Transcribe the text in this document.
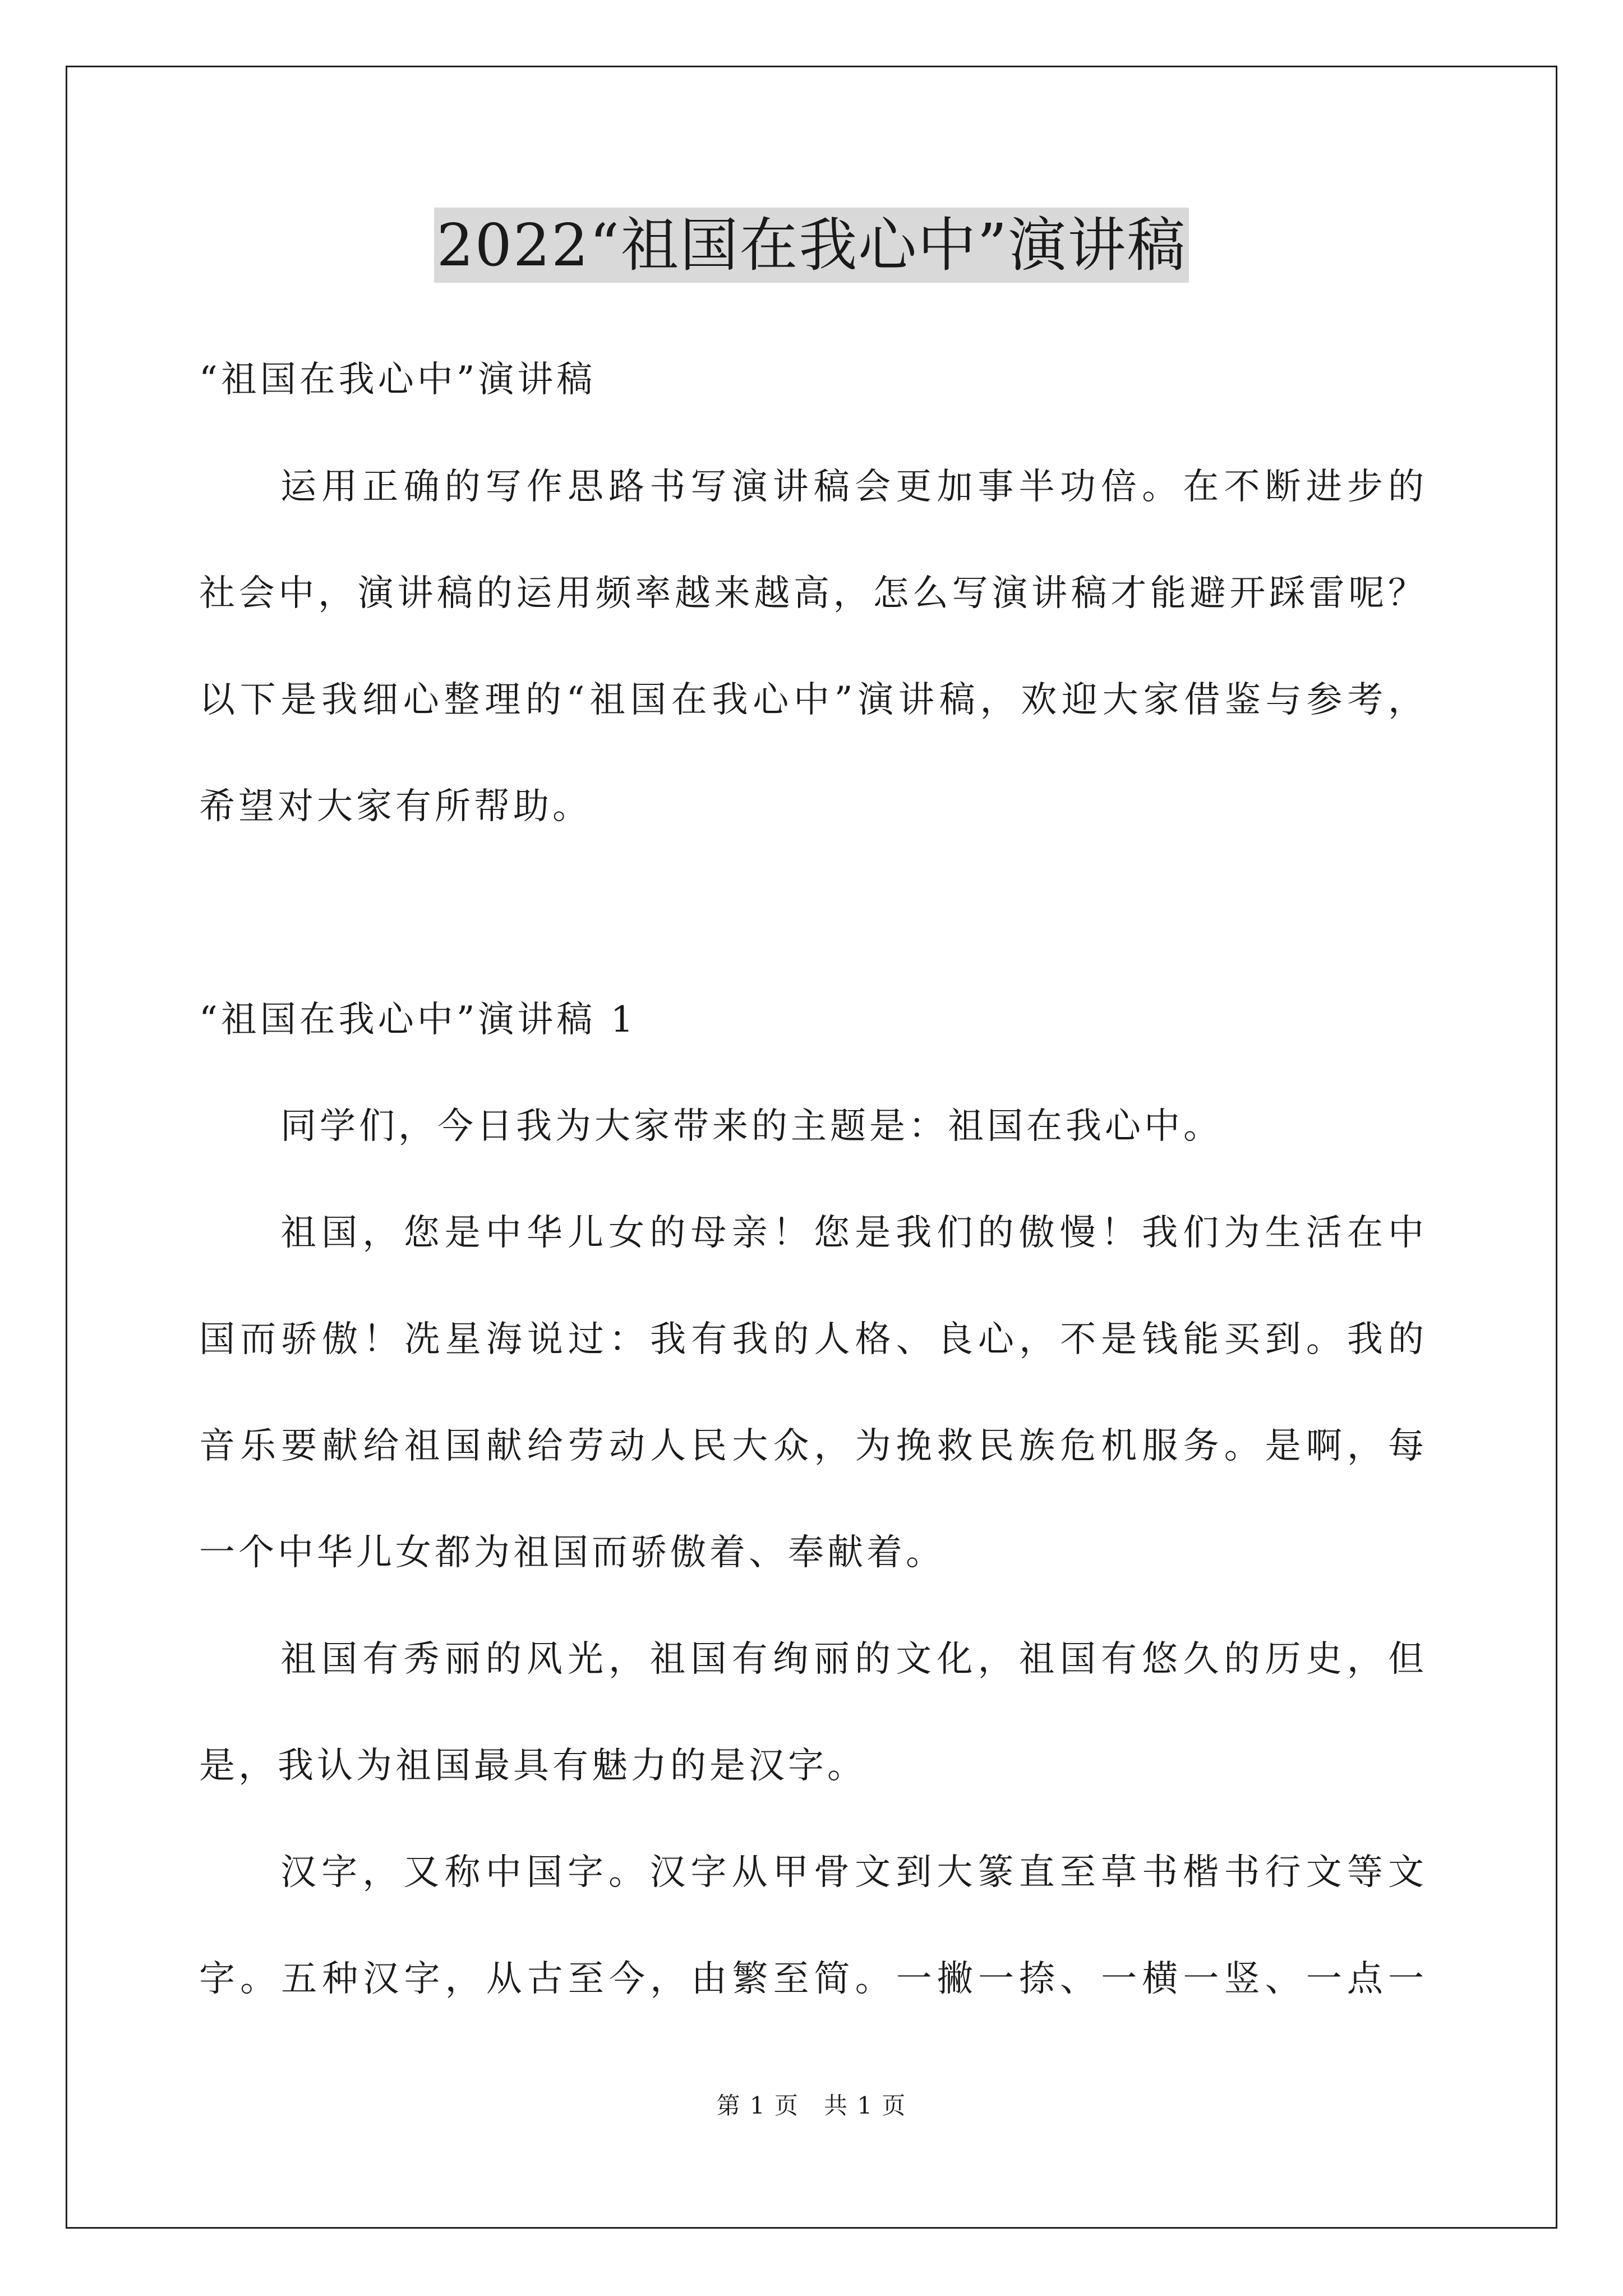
2022“祖国在我心中”演讲稿
“祖国在我心中”演讲稿
运用正确的写作思路书写演讲稿会更加事半功倍。在不断进步的
社会中，演讲稿的运用频率越来越高，怎么写演讲稿才能避开踩雷呢？
以下是我细心整理的“祖国在我心中”演讲稿，欢迎大家借鉴与参考，
希望对大家有所帮助。
“祖国在我心中”演讲稿 1
同学们，今日我为大家带来的主题是：祖国在我心中。
祖国，您是中华儿女的母亲！您是我们的傲慢！我们为生活在中
国而骄傲！冼星海说过：我有我的人格、良心，不是钱能买到。我的
音乐要献给祖国献给劳动人民大众，为挽救民族危机服务。是啊，每
一个中华儿女都为祖国而骄傲着、奉献着。
祖国有秀丽的风光，祖国有绚丽的文化，祖国有悠久的历史，但
是，我认为祖国最具有魅力的是汉字。
汉字，又称中国字。汉字从甲骨文到大篆直至草书楷书行文等文
字。五种汉字，从古至今，由繁至简。一撇一捺、一横一竖、一点一
第 1 页　共 1 页
